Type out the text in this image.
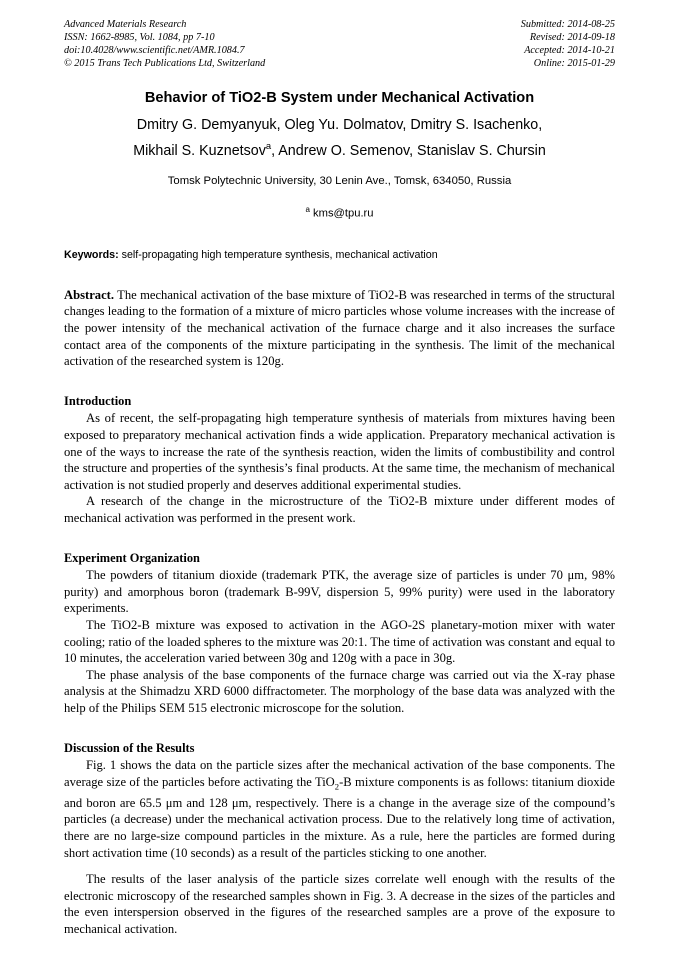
Advanced Materials Research
ISSN: 1662-8985, Vol. 1084, pp 7-10
doi:10.4028/www.scientific.net/AMR.1084.7
© 2015 Trans Tech Publications Ltd, Switzerland
Submitted: 2014-08-25
Revised: 2014-09-18
Accepted: 2014-10-21
Online: 2015-01-29
Behavior of TiO2-B System under Mechanical Activation
Dmitry G. Demyanyuk, Oleg Yu. Dolmatov, Dmitry S. Isachenko,
Mikhail S. Kuznetsov$^a$, Andrew O. Semenov, Stanislav S. Chursin
Tomsk Polytechnic University, 30 Lenin Ave., Tomsk, 634050, Russia
$^a$ kms@tpu.ru
Keywords: self-propagating high temperature synthesis, mechanical activation
Abstract. The mechanical activation of the base mixture of TiO2-B was researched in terms of the structural changes leading to the formation of a mixture of micro particles whose volume increases with the increase of the power intensity of the mechanical activation of the furnace charge and it also increases the surface contact area of the components of the mixture participating in the synthesis. The limit of the mechanical activation of the researched system is 120g.
Introduction

As of recent, the self-propagating high temperature synthesis of materials from mixtures having been exposed to preparatory mechanical activation finds a wide application. Preparatory mechanical activation is one of the ways to increase the rate of the synthesis reaction, widen the limits of combustibility and control the structure and properties of the synthesis’s final products. At the same time, the mechanism of mechanical activation is not studied properly and deserves additional experimental studies.

A research of the change in the microstructure of the TiO2-B mixture under different modes of mechanical activation was performed in the present work.

Experiment Organization

The powders of titanium dioxide (trademark PTK, the average size of particles is under 70 μm, 98% purity) and amorphous boron (trademark B-99V, dispersion 5, 99% purity) were used in the laboratory experiments.

The TiO2-B mixture was exposed to activation in the AGO-2S planetary-motion mixer with water cooling; ratio of the loaded spheres to the mixture was 20:1. The time of activation was constant and equal to 10 minutes, the acceleration varied between 30g and 120g with a pace in 30g.

The phase analysis of the base components of the furnace charge was carried out via the X-ray phase analysis at the Shimadzu XRD 6000 diffractometer. The morphology of the base data was analyzed with the help of the Philips SEM 515 electronic microscope for the solution.

Discussion of the Results

Fig. 1 shows the data on the particle sizes after the mechanical activation of the base components. The average size of the particles before activating the TiO$_2$-B mixture components is as follows: titanium dioxide and boron are 65.5 μm and 128 μm, respectively. There is a change in the average size of the compound’s particles (a decrease) under the mechanical activation process. Due to the relatively long time of activation, there are no large-size compound particles in the mixture. As a rule, here the particles are formed during short activation time (10 seconds) as a result of the particles sticking to one another.

The results of the laser analysis of the particle sizes correlate well enough with the results of the electronic microscopy of the researched samples shown in Fig. 3. A decrease in the sizes of the particles and the even interspersion observed in the figures of the researched samples are a prove of the exposure to mechanical activation.
